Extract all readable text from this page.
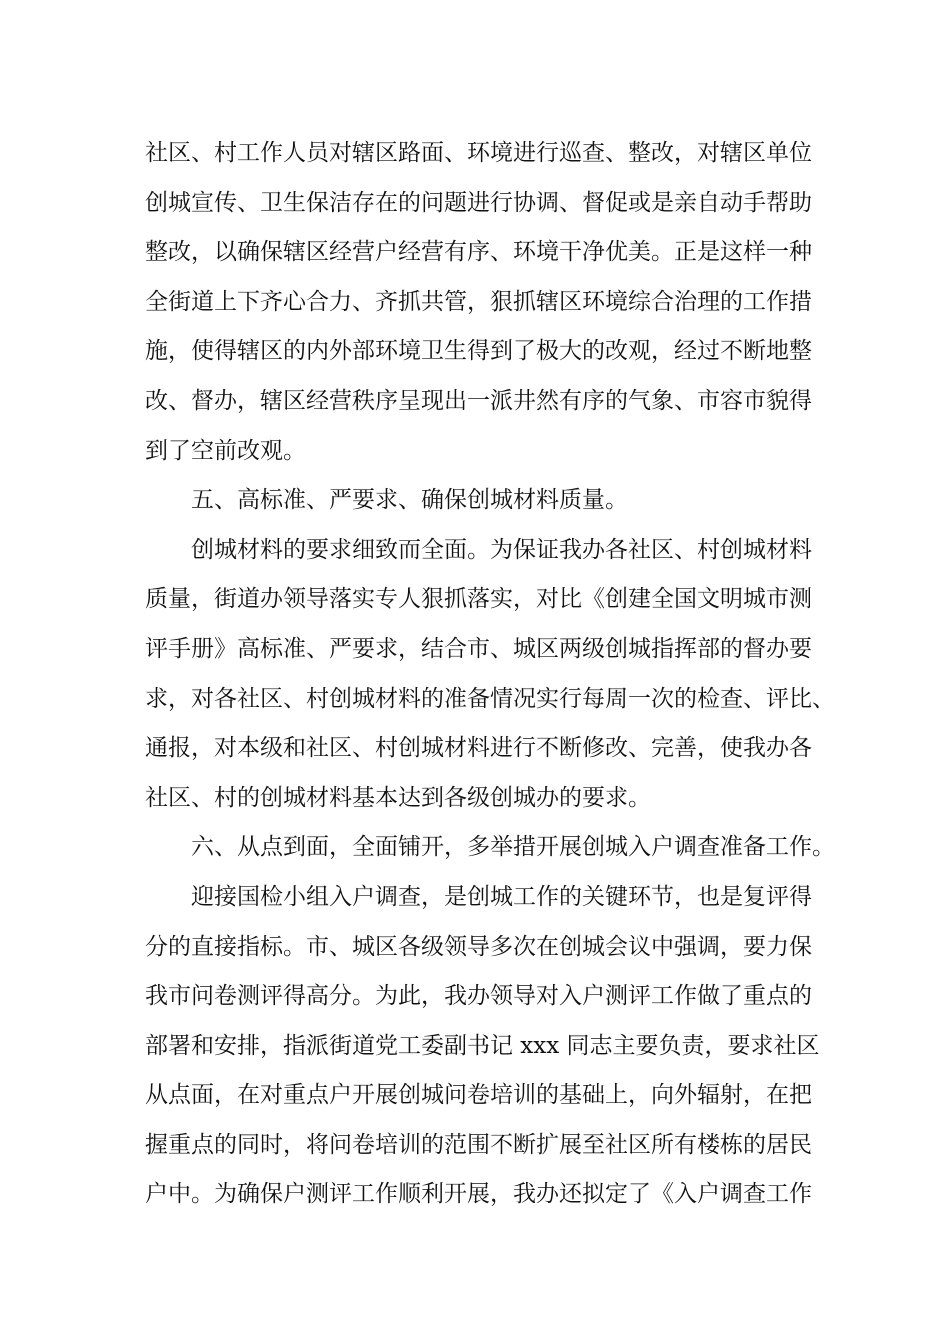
社区、村工作人员对辖区路面、环境进行巡查、整改，对辖区单位
创城宣传、卫生保洁存在的问题进行协调、督促或是亲自动手帮助
整改，以确保辖区经营户经营有序、环境干净优美。正是这样一种
全街道上下齐心合力、齐抓共管，狠抓辖区环境综合治理的工作措
施，使得辖区的内外部环境卫生得到了极大的改观，经过不断地整
改、督办，辖区经营秩序呈现出一派井然有序的气象、市容市貌得
到了空前改观。

五、高标准、严要求、确保创城材料质量。

创城材料的要求细致而全面。为保证我办各社区、村创城材料
质量，街道办领导落实专人狠抓落实，对比《创建全国文明城市测
评手册》高标准、严要求，结合市、城区两级创城指挥部的督办要
求，对各社区、村创城材料的准备情况实行每周一次的检查、评比、
通报，对本级和社区、村创城材料进行不断修改、完善，使我办各
社区、村的创城材料基本达到各级创城办的要求。

六、从点到面，全面铺开，多举措开展创城入户调查准备工作。

迎接国检小组入户调查，是创城工作的关键环节，也是复评得
分的直接指标。市、城区各级领导多次在创城会议中强调，要力保
我市问卷测评得高分。为此，我办领导对入户测评工作做了重点的
部署和安排，指派街道党工委副书记 xxx 同志主要负责，要求社区
从点面，在对重点户开展创城问卷培训的基础上，向外辐射，在把
握重点的同时，将问卷培训的范围不断扩展至社区所有楼栋的居民
户中。为确保户测评工作顺利开展，我办还拟定了《入户调查工作
